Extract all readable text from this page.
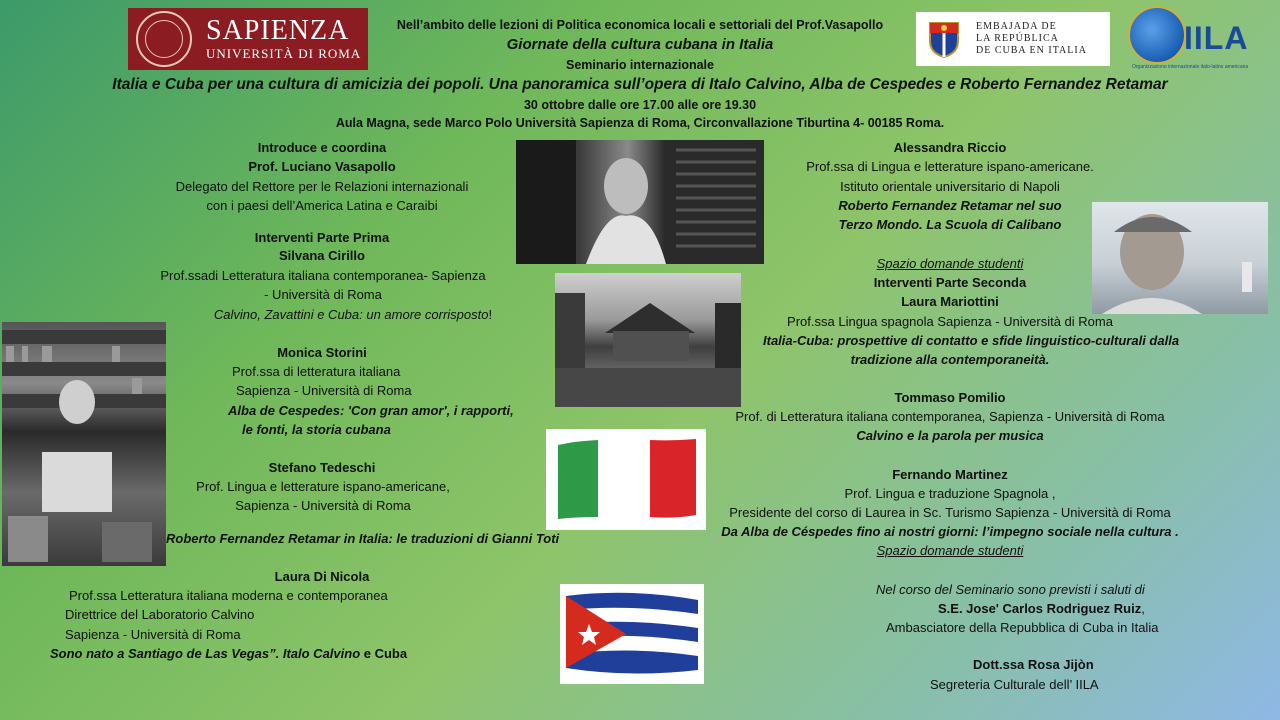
SAPIENZA
UNIVERSITÀ DI ROMA
EMBAJADA DE
LA REPÚBLICA
DE CUBA EN ITALIA	IILA
Organizzazione internazionale italo-latino americana
Nell’ambito delle lezioni di Politica economica locali e settoriali del Prof.Vasapollo
Giornate della cultura cubana in Italia
Seminario internazionale
Italia e Cuba per una cultura di amicizia dei popoli. Una panoramica sull’opera di Italo Calvino, Alba de Cespedes e Roberto Fernandez Retamar
30 ottobre dalle ore 17.00 alle ore 19.30
Aula Magna, sede Marco Polo Università Sapienza di Roma, Circonvallazione Tiburtina 4- 00185 Roma.
Introduce e coordina
Prof. Luciano Vasapollo
Delegato del Rettore per le Relazioni internazionali
con i paesi dell’America Latina e Caraibi
Interventi Parte Prima
Silvana Cirillo
Prof.ssadi Letteratura italiana contemporanea- Sapienza
- Università di Roma
Calvino, Zavattini e Cuba: un amore corrisposto!
Monica Storini
Prof.ssa di letteratura italiana
Sapienza - Università di Roma
Alba de Cespedes: 'Con gran amor', i rapporti,
le fonti, la storia cubana
Stefano Tedeschi
Prof. Lingua e letterature ispano-americane,
Sapienza - Università di Roma
Roberto Fernandez Retamar in Italia: le traduzioni di Gianni Toti
Laura Di Nicola
Prof.ssa Letteratura italiana moderna e contemporanea
Direttrice del Laboratorio Calvino
Sapienza - Università di Roma
Sono nato a Santiago de Las Vegas”. Italo Calvino e Cuba
Alessandra Riccio
Prof.ssa di Lingua e letterature ispano-americane.
Istituto orientale universitario di Napoli
Roberto Fernandez Retamar nel suo
Terzo Mondo. La Scuola di Calibano
Spazio domande studenti
Interventi Parte Seconda
Laura Mariottini
Prof.ssa Lingua spagnola Sapienza - Università di Roma
Italia-Cuba: prospettive di contatto e sfide linguistico-culturali dalla
tradizione alla contemporaneità.
Tommaso Pomilio
Prof. di Letteratura italiana contemporanea, Sapienza - Università di Roma
Calvino e la parola per musica
Fernando Martinez
Prof. Lingua e traduzione Spagnola ,
Presidente del corso di Laurea in Sc. Turismo Sapienza - Università di Roma
Da Alba de Céspedes fino ai nostri giorni: l’impegno sociale nella cultura .
Spazio domande studenti
Nel corso del Seminario sono previsti i saluti di
S.E. Jose' Carlos Rodriguez Ruiz,
Ambasciatore della Repubblica di Cuba in Italia
Dott.ssa Rosa Jijòn
Segreteria Culturale dell’ IILA
